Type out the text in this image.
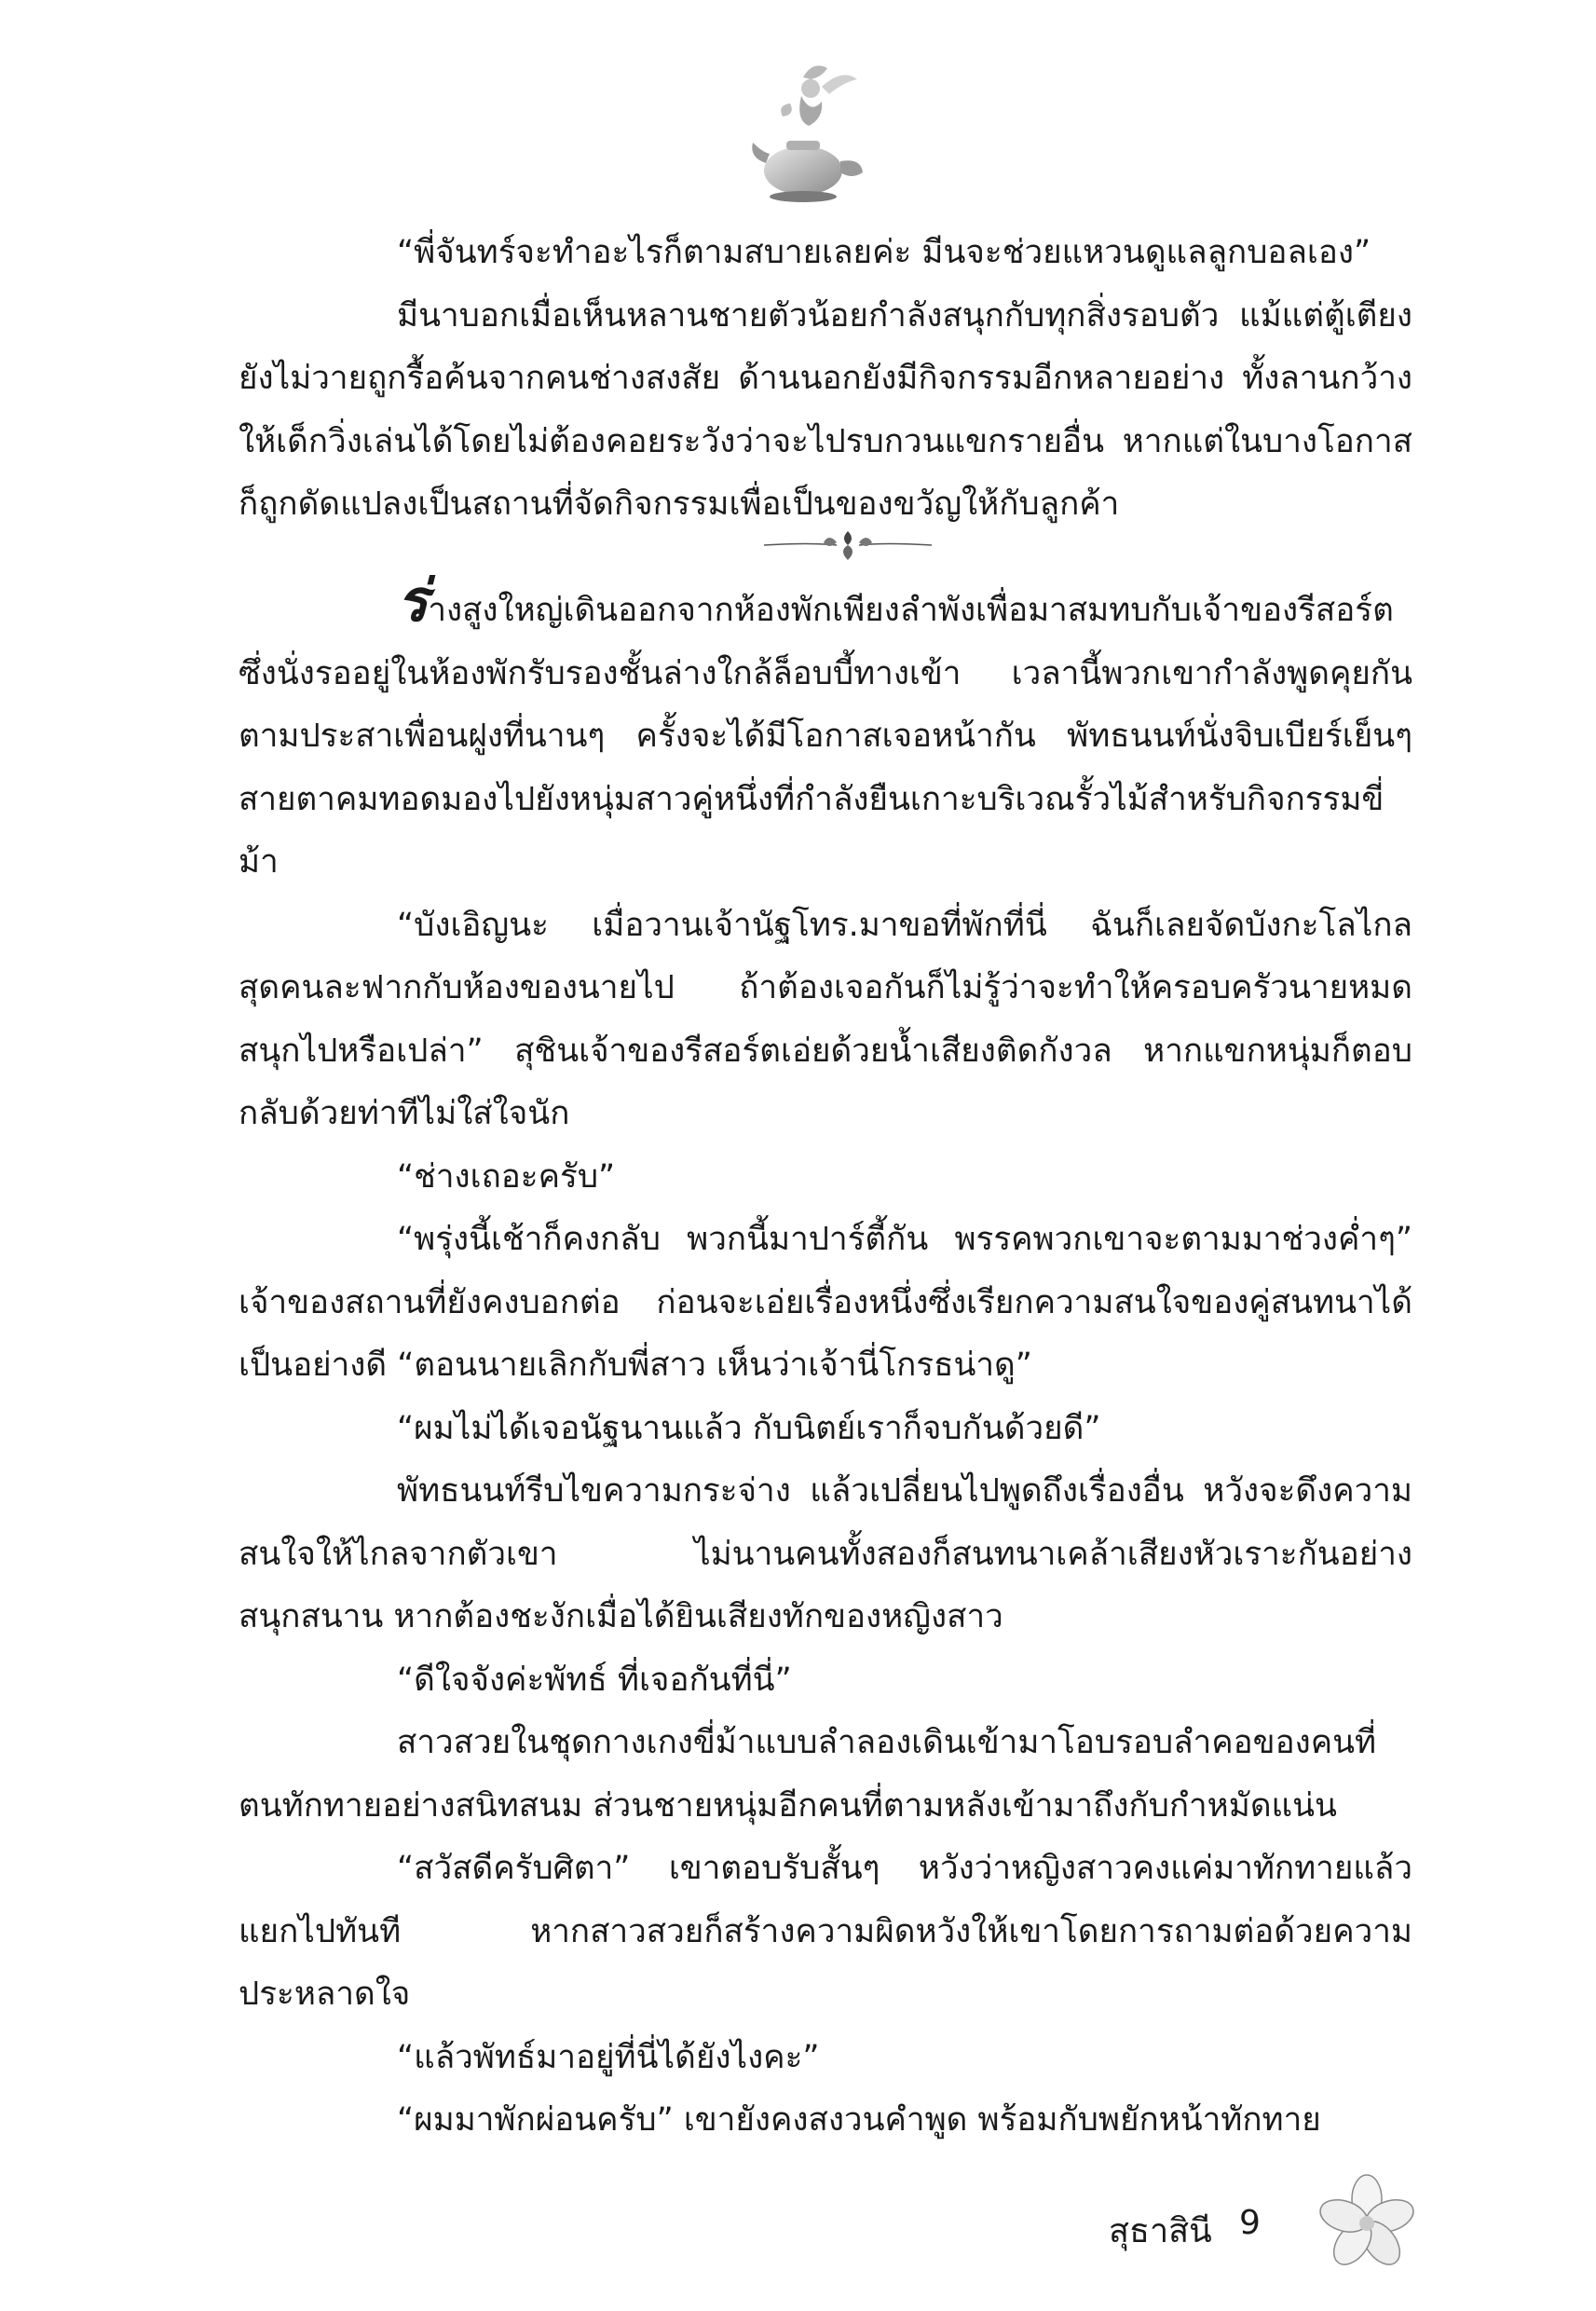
“พี่จันทร์จะทำอะไรก็ตามสบายเลยค่ะ มีนจะช่วยแหวนดูแลลูกบอลเอง”

มีนาบอกเมื่อเห็นหลานชายตัวน้อยกำลังสนุกกับทุกสิ่งรอบตัว แม้แต่ตู้เตียงยังไม่วายถูกรื้อค้นจากคนช่างสงสัย ด้านนอกยังมีกิจกรรมอีกหลายอย่าง ทั้งลานกว้างให้เด็กวิ่งเล่นได้โดยไม่ต้องคอยระวังว่าจะไปรบกวนแขกรายอื่น หากแต่ในบางโอกาสก็ถูกดัดแปลงเป็นสถานที่จัดกิจกรรมเพื่อเป็นของขวัญให้กับลูกค้า

ร่างสูงใหญ่เดินออกจากห้องพักเพียงลำพังเพื่อมาสมทบกับเจ้าของรีสอร์ตซึ่งนั่งรออยู่ในห้องพักรับรองชั้นล่างใกล้ล็อบบี้ทางเข้า เวลานี้พวกเขากำลังพูดคุยกันตามประสาเพื่อนฝูงที่นานๆ ครั้งจะได้มีโอกาสเจอหน้ากัน พัทธนนท์นั่งจิบเบียร์เย็นๆ สายตาคมทอดมองไปยังหนุ่มสาวคู่หนึ่งที่กำลังยืนเกาะบริเวณรั้วไม้สำหรับกิจกรรมขี่ม้า

“บังเอิญนะ เมื่อวานเจ้านัฐโทร.มาขอที่พักที่นี่ ฉันก็เลยจัดบังกะโลไกลสุดคนละฟากกับห้องของนายไป ถ้าต้องเจอกันก็ไม่รู้ว่าจะทำให้ครอบครัวนายหมดสนุกไปหรือเปล่า” สุชินเจ้าของรีสอร์ตเอ่ยด้วยน้ำเสียงติดกังวล หากแขกหนุ่มก็ตอบกลับด้วยท่าทีไม่ใส่ใจนัก

“ช่างเถอะครับ”

“พรุ่งนี้เช้าก็คงกลับ พวกนี้มาปาร์ตี้กัน พรรคพวกเขาจะตามมาช่วงค่ำๆ” เจ้าของสถานที่ยังคงบอกต่อ ก่อนจะเอ่ยเรื่องหนึ่งซึ่งเรียกความสนใจของคู่สนทนาได้เป็นอย่างดี “ตอนนายเลิกกับพี่สาว เห็นว่าเจ้านี่โกรธน่าดู”

“ผมไม่ได้เจอนัฐนานแล้ว กับนิตย์เราก็จบกันด้วยดี”

พัทธนนท์รีบไขความกระจ่าง แล้วเปลี่ยนไปพูดถึงเรื่องอื่น หวังจะดึงความสนใจให้ไกลจากตัวเขา ไม่นานคนทั้งสองก็สนทนาเคล้าเสียงหัวเราะกันอย่างสนุกสนาน หากต้องชะงักเมื่อได้ยินเสียงทักของหญิงสาว

“ดีใจจังค่ะพัทธ์ ที่เจอกันที่นี่”

สาวสวยในชุดกางเกงขี่ม้าแบบลำลองเดินเข้ามาโอบรอบลำคอของคนที่ตนทักทายอย่างสนิทสนม ส่วนชายหนุ่มอีกคนที่ตามหลังเข้ามาถึงกับกำหมัดแน่น

“สวัสดีครับศิตา” เขาตอบรับสั้นๆ หวังว่าหญิงสาวคงแค่มาทักทายแล้วแยกไปทันที หากสาวสวยก็สร้างความผิดหวังให้เขาโดยการถามต่อด้วยความประหลาดใจ

“แล้วพัทธ์มาอยู่ที่นี่ได้ยังไงคะ”

“ผมมาพักผ่อนครับ” เขายังคงสงวนคำพูด พร้อมกับพยักหน้าทักทาย

สุธาสินี 9
